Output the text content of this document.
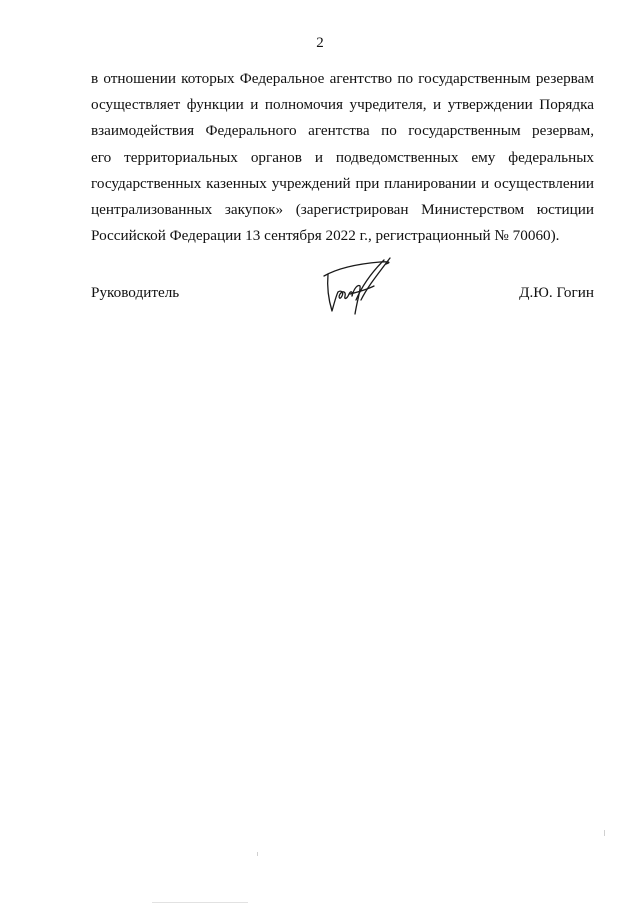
2

в отношении которых Федеральное агентство по государственным резервам
осуществляет функции и полномочия учредителя, и утверждении Порядка
взаимодействия Федерального агентства по государственным резервам,
его территориальных органов и подведомственных ему федеральных
государственных казенных учреждений при планировании и осуществлении
централизованных закупок» (зарегистрирован Министерством юстиции
Российской Федерации 13 сентября 2022 г., регистрационный № 70060).

Руководитель	Д.Ю. Гогин
